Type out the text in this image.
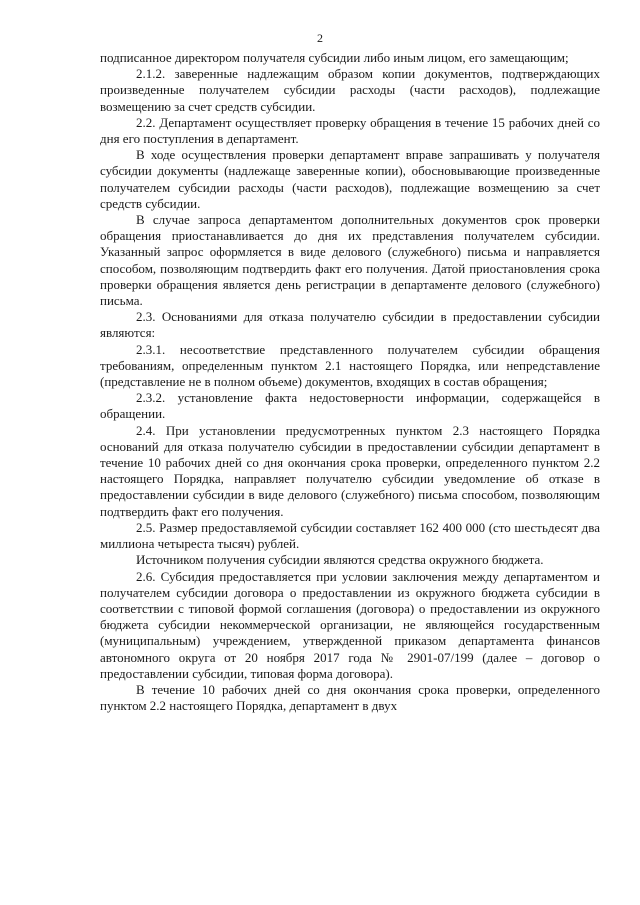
2

подписанное директором получателя субсидии либо иным лицом, его замещающим;

2.1.2. заверенные надлежащим образом копии документов, подтверждающих произведенные получателем субсидии расходы (части расходов), подлежащие возмещению за счет средств субсидии.

2.2. Департамент осуществляет проверку обращения в течение 15 рабочих дней со дня его поступления в департамент.

В ходе осуществления проверки департамент вправе запрашивать у получателя субсидии документы (надлежаще заверенные копии), обосновывающие произведенные получателем субсидии расходы (части расходов), подлежащие возмещению за счет средств субсидии.

В случае запроса департаментом дополнительных документов срок проверки обращения приостанавливается до дня их представления получателем субсидии. Указанный запрос оформляется в виде делового (служебного) письма и направляется способом, позволяющим подтвердить факт его получения. Датой приостановления срока проверки обращения является день регистрации в департаменте делового (служебного) письма.

2.3. Основаниями для отказа получателю субсидии в предоставлении субсидии являются:

2.3.1. несоответствие представленного получателем субсидии обращения требованиям, определенным пунктом 2.1 настоящего Порядка, или непредставление (представление не в полном объеме) документов, входящих в состав обращения;

2.3.2. установление факта недостоверности информации, содержащейся в обращении.

2.4. При установлении предусмотренных пунктом 2.3 настоящего Порядка оснований для отказа получателю субсидии в предоставлении субсидии департамент в течение 10 рабочих дней со дня окончания срока проверки, определенного пунктом 2.2 настоящего Порядка, направляет получателю субсидии уведомление об отказе в предоставлении субсидии в виде делового (служебного) письма способом, позволяющим подтвердить факт его получения.

2.5. Размер предоставляемой субсидии составляет 162 400 000 (сто шестьдесят два миллиона четыреста тысяч) рублей.

Источником получения субсидии являются средства окружного бюджета.

2.6. Субсидия предоставляется при условии заключения между департаментом и получателем субсидии договора о предоставлении из окружного бюджета субсидии в соответствии с типовой формой соглашения (договора) о предоставлении из окружного бюджета субсидии некоммерческой организации, не являющейся государственным (муниципальным) учреждением, утвержденной приказом департамента финансов автономного округа от 20 ноября 2017 года № 2901-07/199 (далее – договор о предоставлении субсидии, типовая форма договора).

В течение 10 рабочих дней со дня окончания срока проверки, определенного пунктом 2.2 настоящего Порядка, департамент в двух
